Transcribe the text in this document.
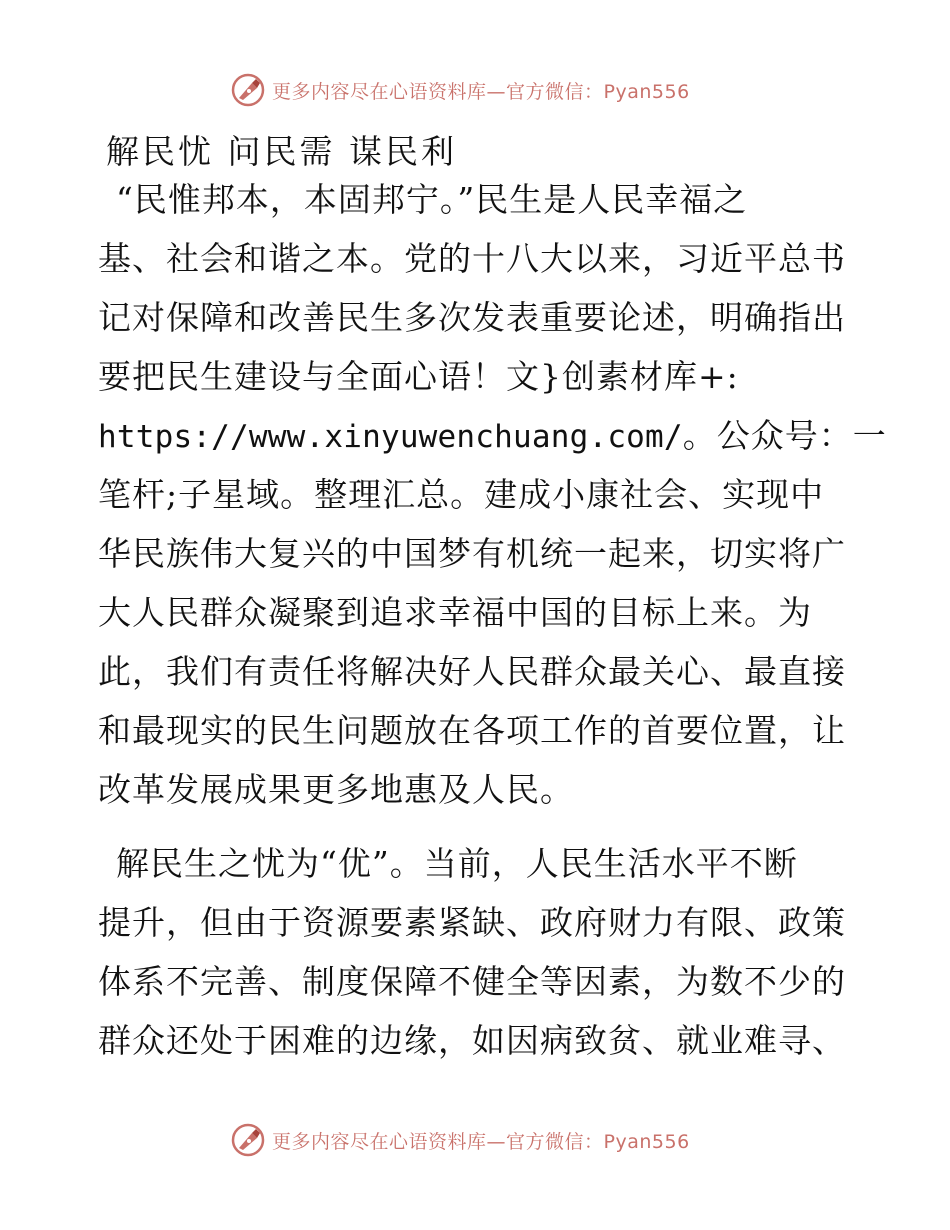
更多内容尽在心语资料库—官方微信：Pyan556
解民忧 问民需 谋民利
“民惟邦本，本固邦宁。”民生是人民幸福之
基、社会和谐之本。党的十八大以来，习近平总书
记对保障和改善民生多次发表重要论述，明确指出
要把民生建设与全面心语！文}创素材库+:
https://www.xinyuwenchuang.com/。公众号：一
笔杆;子星域。整理汇总。建成小康社会、实现中
华民族伟大复兴的中国梦有机统一起来，切实将广
大人民群众凝聚到追求幸福中国的目标上来。为
此，我们有责任将解决好人民群众最关心、最直接
和最现实的民生问题放在各项工作的首要位置，让
改革发展成果更多地惠及人民。
解民生之忧为“优”。当前，人民生活水平不断
提升，但由于资源要素紧缺、政府财力有限、政策
体系不完善、制度保障不健全等因素，为数不少的
群众还处于困难的边缘，如因病致贫、就业难寻、
更多内容尽在心语资料库—官方微信：Pyan556
